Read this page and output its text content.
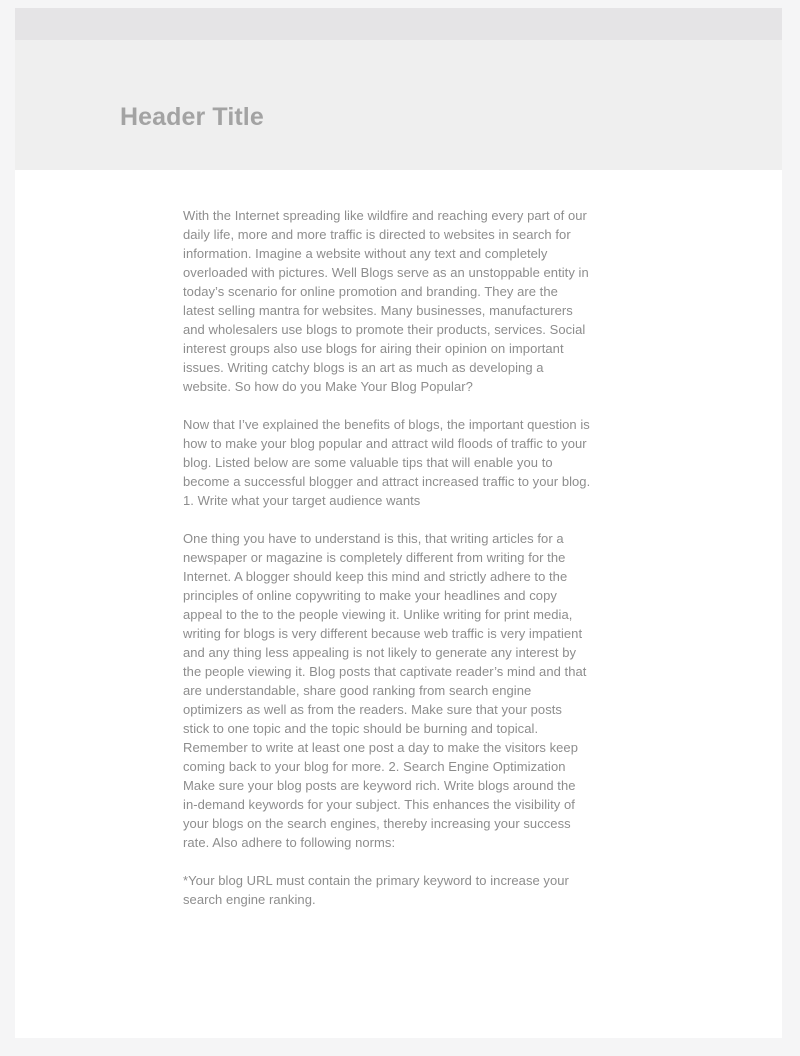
Header Title

With the Internet spreading like wildfire and reaching every part of our daily life, more and more traffic is directed to websites in search for information. Imagine a website without any text and completely overloaded with pictures. Well Blogs serve as an unstoppable entity in today’s scenario for online promotion and branding. They are the latest selling mantra for websites. Many businesses, manufacturers and wholesalers use blogs to promote their products, services. Social interest groups also use blogs for airing their opinion on important issues. Writing catchy blogs is an art as much as developing a website. So how do you Make Your Blog Popular?

Now that I’ve explained the benefits of blogs, the important question is how to make your blog popular and attract wild floods of traffic to your blog. Listed below are some valuable tips that will enable you to become a successful blogger and attract increased traffic to your blog. 1. Write what your target audience wants

One thing you have to understand is this, that writing articles for a newspaper or magazine is completely different from writing for the Internet. A blogger should keep this mind and strictly adhere to the principles of online copywriting to make your headlines and copy appeal to the to the people viewing it. Unlike writing for print media, writing for blogs is very different because web traffic is very impatient and any thing less appealing is not likely to generate any interest by the people viewing it. Blog posts that captivate reader’s mind and that are understandable, share good ranking from search engine optimizers as well as from the readers. Make sure that your posts stick to one topic and the topic should be burning and topical. Remember to write at least one post a day to make the visitors keep coming back to your blog for more. 2. Search Engine Optimization Make sure your blog posts are keyword rich. Write blogs around the in-demand keywords for your subject. This enhances the visibility of your blogs on the search engines, thereby increasing your success rate. Also adhere to following norms:

*Your blog URL must contain the primary keyword to increase your search engine ranking.
